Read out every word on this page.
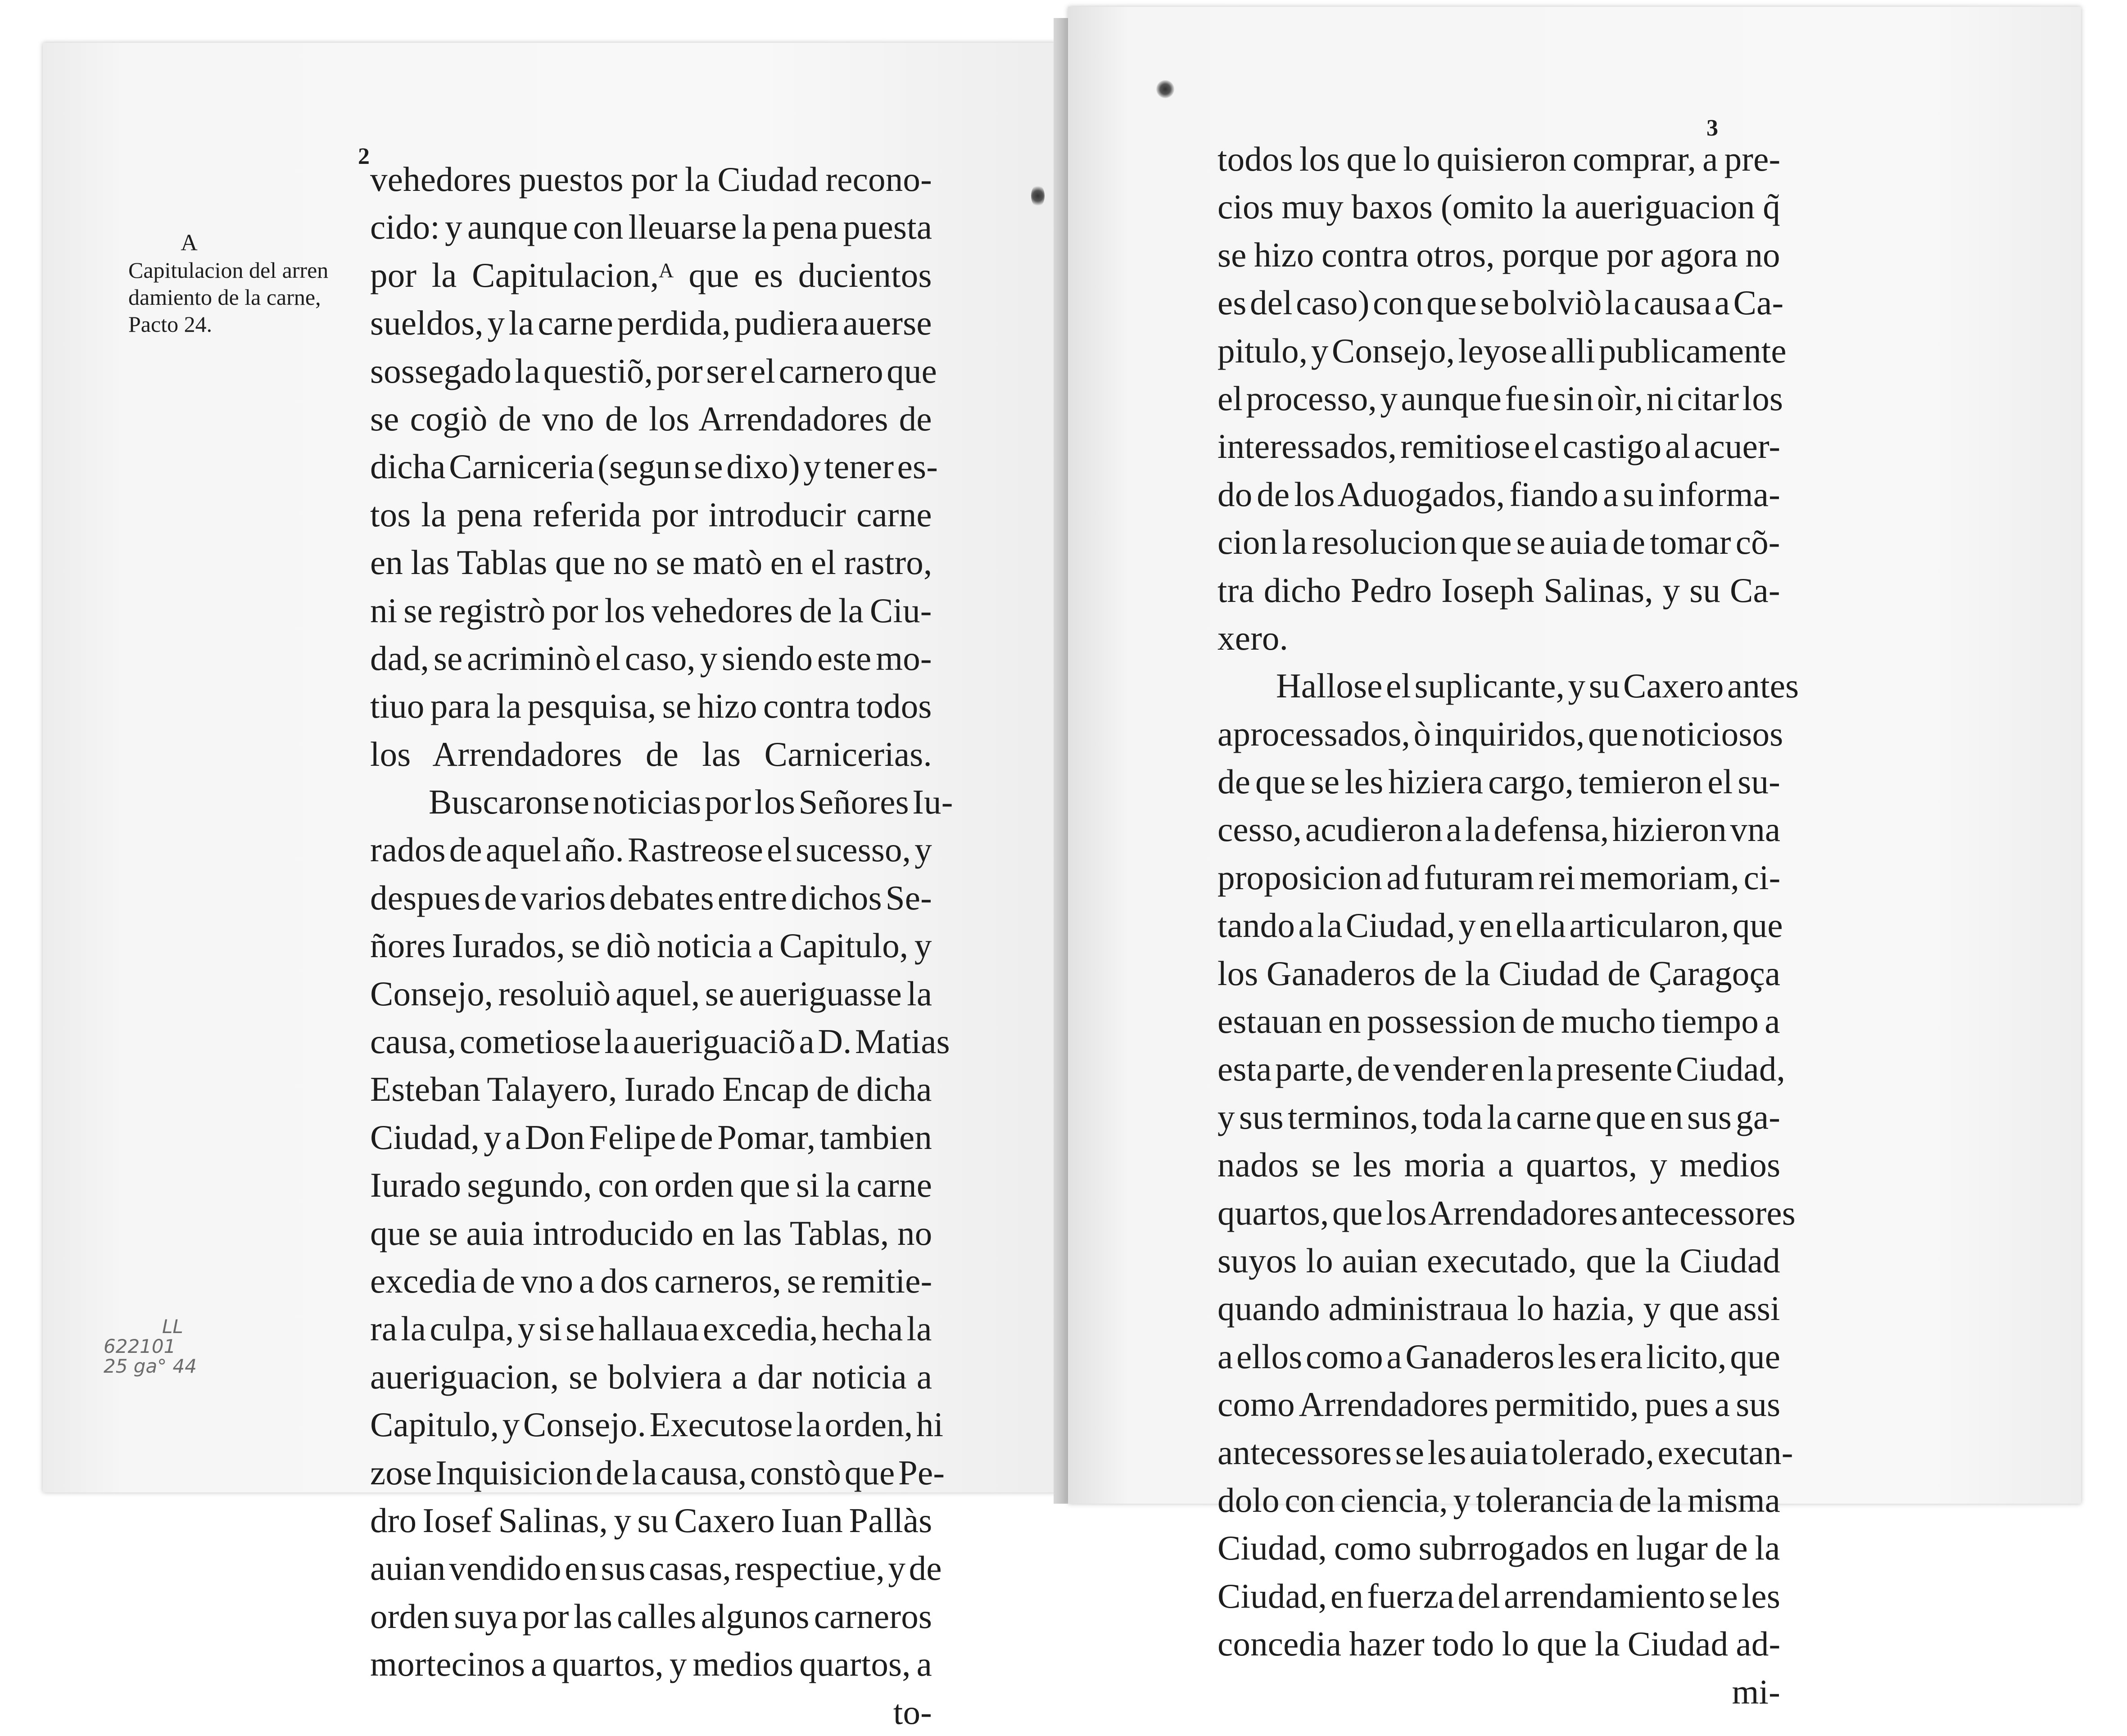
2
A
Capitulacion del arren
damiento de la carne,
Pacto 24.
vehedores puestos por la Ciudad recono-
cido: y aunque con lleuarse la pena puesta
por la Capitulacion,ᴬ que es ducientos
sueldos, y la carne perdida, pudiera auerse
sossegado la questiõ, por ser el carnero que
se cogiò de vno de los Arrendadores de
dicha Carniceria (segun se dixo) y tener es-
tos la pena referida por introducir carne
en las Tablas que no se matò en el rastro,
ni se registrò por los vehedores de la Ciu-
dad, se acriminò el caso, y siendo este mo-
tiuo para la pesquisa, se hizo contra todos
los Arrendadores de las Carnicerias.
Buscaronse noticias por los Señores Iu-
rados de aquel año. Rastreose el sucesso, y
despues de varios debates entre dichos Se-
ñores Iurados, se diò noticia a Capitulo, y
Consejo, resoluiò aquel, se aueriguasse la
causa, cometiose la aueriguaciõ a D. Matias
Esteban Talayero, Iurado Encap de dicha
Ciudad, y a Don Felipe de Pomar, tambien
Iurado segundo, con orden que si la carne
que se auia introducido en las Tablas, no
excedia de vno a dos carneros, se remitie-
ra la culpa, y si se hallaua excedia, hecha la
aueriguacion, se bolviera a dar noticia a
Capitulo, y Consejo. Executose la orden, hi
zose Inquisicion de la causa, constò que Pe-
dro Iosef Salinas, y su Caxero Iuan Pallàs
auian vendido en sus casas, respectiue, y de
orden suya por las calles algunos carneros
mortecinos a quartos, y medios quartos, a
to-
LL
622101
25 ga° 44
3
todos los que lo quisieron comprar, a pre-
cios muy baxos (omito la aueriguacion q̃
se hizo contra otros, porque por agora no
es del caso) con que se bolviò la causa a Ca-
pitulo, y Consejo, leyose alli publicamente
el processo, y aunque fue sin oìr, ni citar los
interessados, remitiose el castigo al acuer-
do de los Aduogados, fiando a su informa-
cion la resolucion que se auia de tomar cõ-
tra dicho Pedro Ioseph Salinas, y su Ca-
xero.
Hallose el suplicante, y su Caxero antes
aprocessados, ò inquiridos, que noticiosos
de que se les hiziera cargo, temieron el su-
cesso, acudieron a la defensa, hizieron vna
proposicion ad futuram rei memoriam, ci-
tando a la Ciudad, y en ella articularon, que
los Ganaderos de la Ciudad de Çaragoça
estauan en possession de mucho tiempo a
esta parte, de vender en la presente Ciudad,
y sus terminos, toda la carne que en sus ga-
nados se les moria a quartos, y medios
quartos, que los Arrendadores antecessores
suyos lo auian executado, que la Ciudad
quando administraua lo hazia, y que assi
a ellos como a Ganaderos les era licito, que
como Arrendadores permitido, pues a sus
antecessores se les auia tolerado, executan-
dolo con ciencia, y tolerancia de la misma
Ciudad, como subrrogados en lugar de la
Ciudad, en fuerza del arrendamiento se les
concedia hazer todo lo que la Ciudad ad-
mi-
